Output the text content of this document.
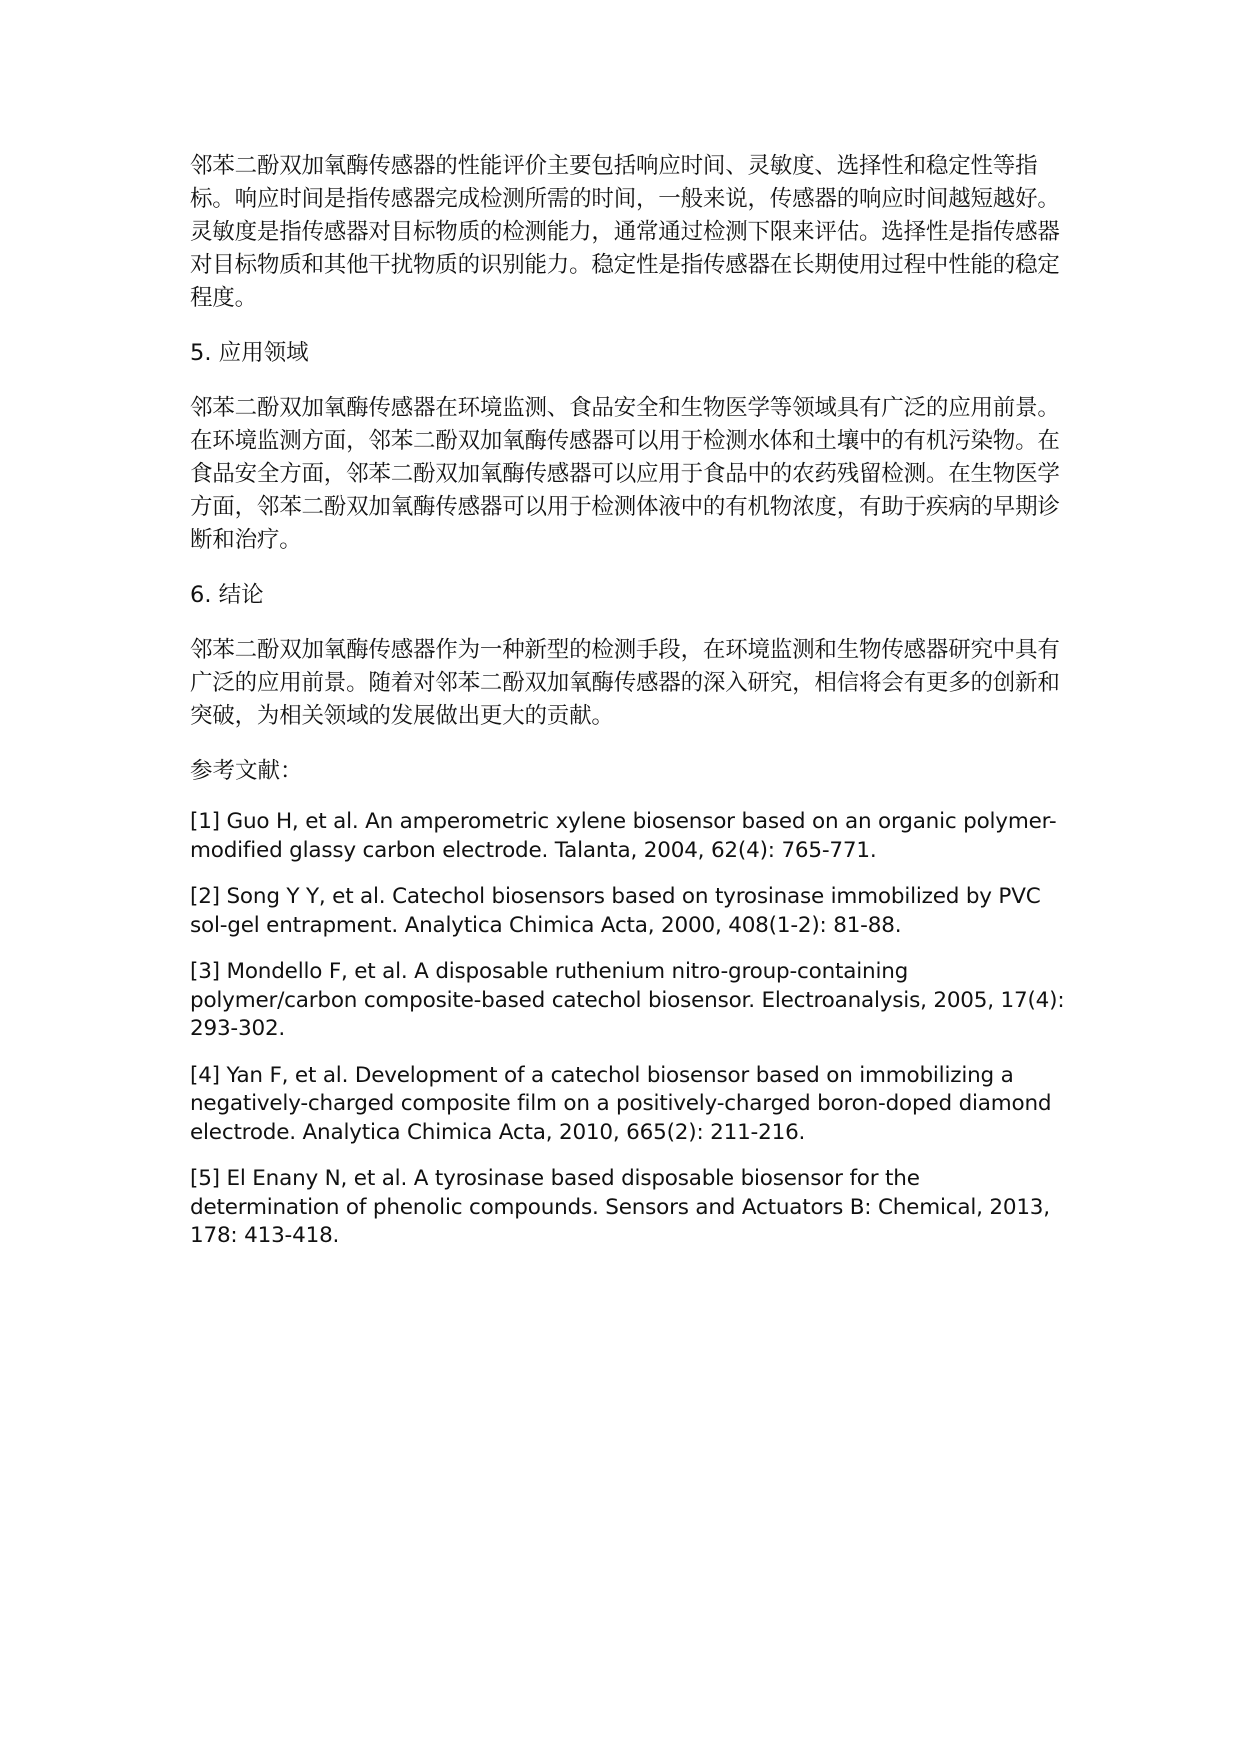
邻苯二酚双加氧酶传感器的性能评价主要包括响应时间、灵敏度、选择性和稳定性等指标。响应时间是指传感器完成检测所需的时间，一般来说，传感器的响应时间越短越好。灵敏度是指传感器对目标物质的检测能力，通常通过检测下限来评估。选择性是指传感器对目标物质和其他干扰物质的识别能力。稳定性是指传感器在长期使用过程中性能的稳定程度。

5. 应用领域

邻苯二酚双加氧酶传感器在环境监测、食品安全和生物医学等领域具有广泛的应用前景。在环境监测方面，邻苯二酚双加氧酶传感器可以用于检测水体和土壤中的有机污染物。在食品安全方面，邻苯二酚双加氧酶传感器可以应用于食品中的农药残留检测。在生物医学方面，邻苯二酚双加氧酶传感器可以用于检测体液中的有机物浓度，有助于疾病的早期诊断和治疗。

6. 结论

邻苯二酚双加氧酶传感器作为一种新型的检测手段，在环境监测和生物传感器研究中具有广泛的应用前景。随着对邻苯二酚双加氧酶传感器的深入研究，相信将会有更多的创新和突破，为相关领域的发展做出更大的贡献。

参考文献：

[1] Guo H, et al. An amperometric xylene biosensor based on an organic polymer-modified glassy carbon electrode. Talanta, 2004, 62(4): 765-771.

[2] Song Y Y, et al. Catechol biosensors based on tyrosinase immobilized by PVC sol-gel entrapment. Analytica Chimica Acta, 2000, 408(1-2): 81-88.

[3] Mondello F, et al. A disposable ruthenium nitro-group-containing polymer/carbon composite-based catechol biosensor. Electroanalysis, 2005, 17(4): 293-302.

[4] Yan F, et al. Development of a catechol biosensor based on immobilizing a negatively-charged composite film on a positively-charged boron-doped diamond electrode. Analytica Chimica Acta, 2010, 665(2): 211-216.

[5] El Enany N, et al. A tyrosinase based disposable biosensor for the determination of phenolic compounds. Sensors and Actuators B: Chemical, 2013, 178: 413-418.
